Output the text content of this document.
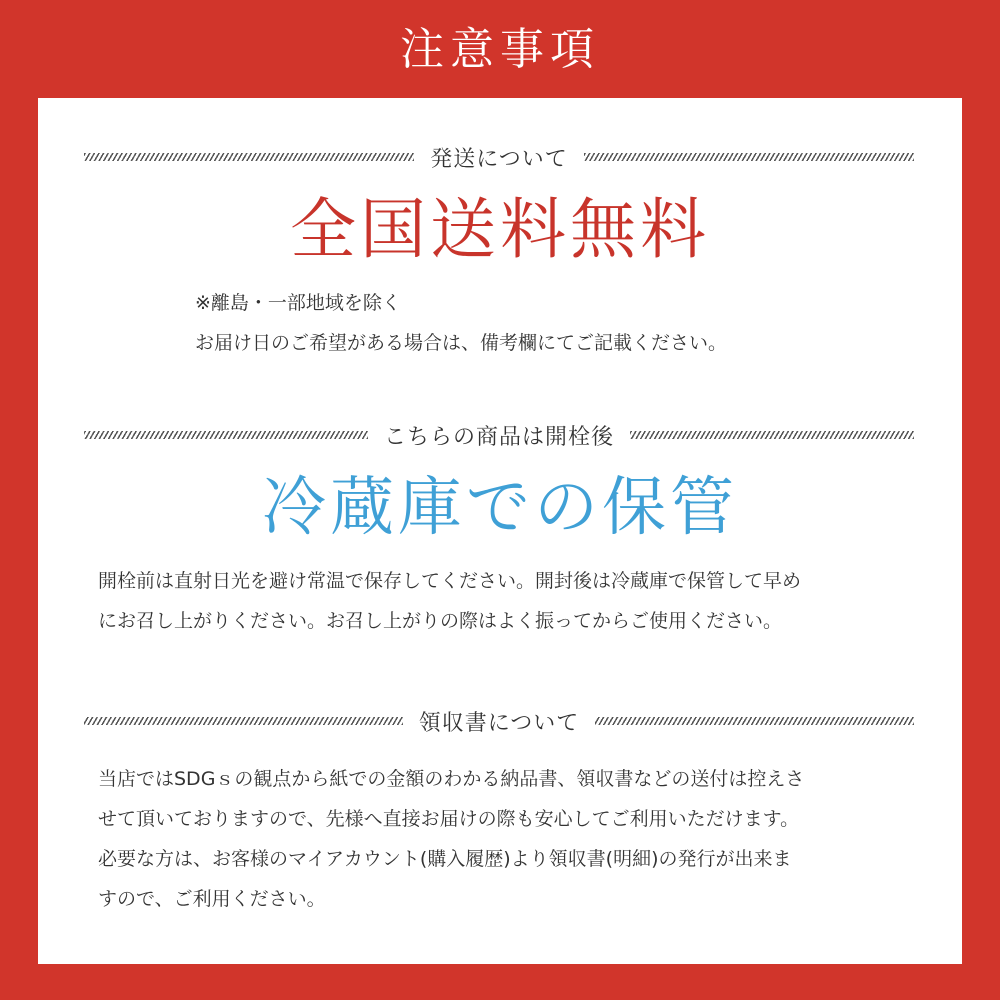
注意事項
発送について
全国送料無料
※離島・一部地域を除く
お届け日のご希望がある場合は、備考欄にてご記載ください。
こちらの商品は開栓後
冷蔵庫での保管
開栓前は直射日光を避け常温で保存してください。開封後は冷蔵庫で保管して早め
にお召し上がりください。お召し上がりの際はよく振ってからご使用ください。
領収書について
当店ではSDGｓの観点から紙での金額のわかる納品書、領収書などの送付は控えさ
せて頂いておりますので、先様へ直接お届けの際も安心してご利用いただけます。
必要な方は、お客様のマイアカウント(購入履歴)より領収書(明細)の発行が出来ま
すので、ご利用ください。
